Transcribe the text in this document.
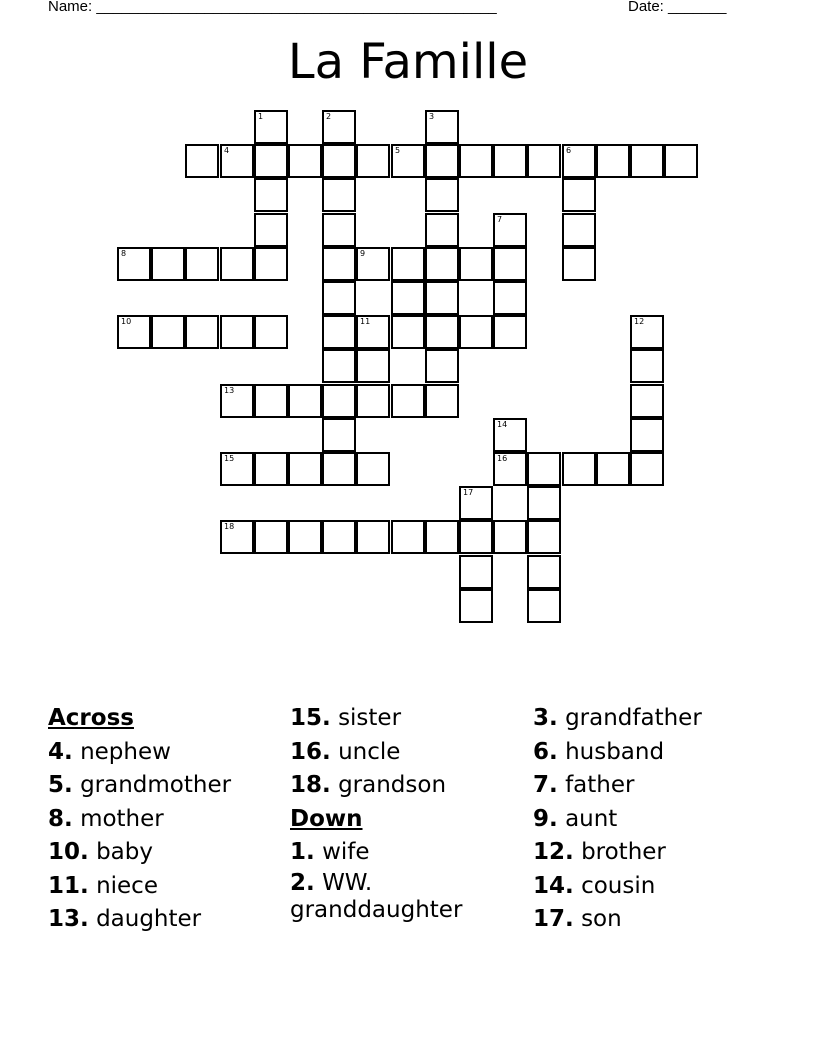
Name: ________________________________________________	Date: _______
La Famille
1	2	3
4	5	6
7
8	9
10	11	12
13
14
15	16
17
18
Across
4. nephew
5. grandmother
8. mother
10. baby
11. niece
13. daughter
15. sister
16. uncle
18. grandson
Down
1. wife
2. WW.
granddaughter
3. grandfather
6. husband
7. father
9. aunt
12. brother
14. cousin
17. son
